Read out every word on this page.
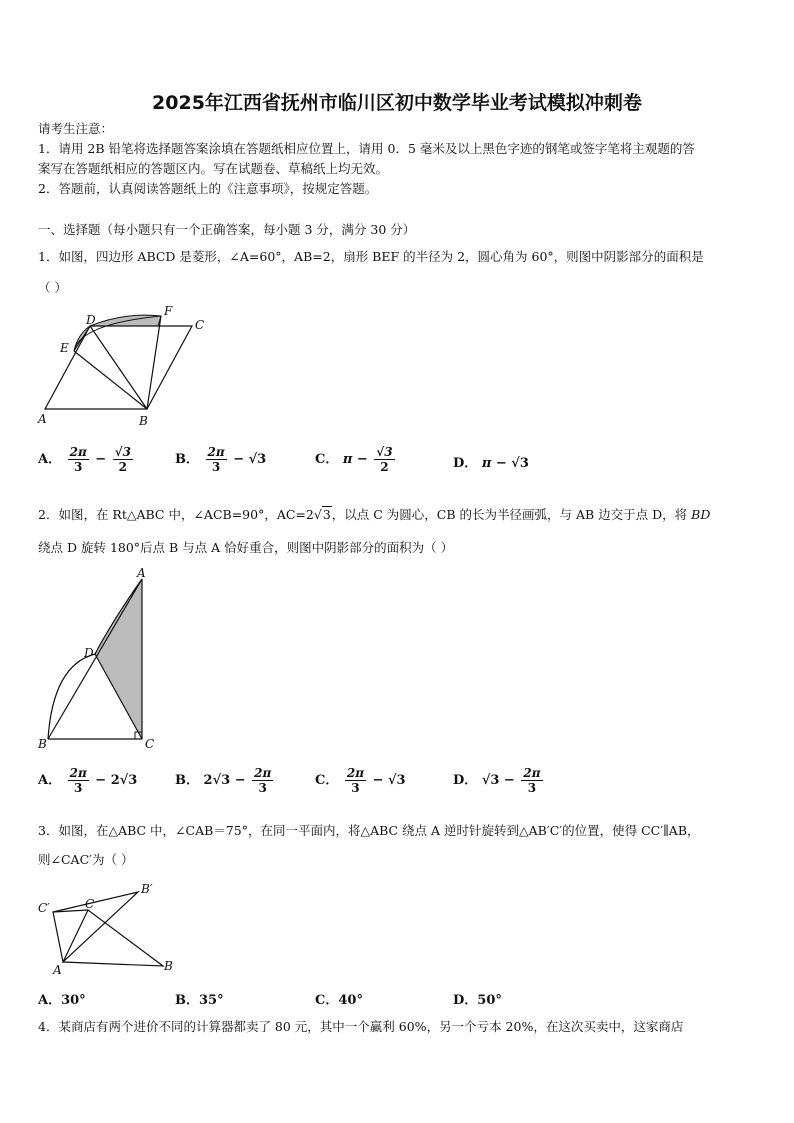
2025年江西省抚州市临川区初中数学毕业考试模拟冲刺卷
请考生注意：
1．请用 2B 铅笔将选择题答案涂填在答题纸相应位置上，请用 0．5 毫米及以上黑色字迹的钢笔或签字笔将主观题的答
案写在答题纸相应的答题区内。写在试题卷、草稿纸上均无效。
2．答题前，认真阅读答题纸上的《注意事项》，按规定答题。
一、选择题（每小题只有一个正确答案，每小题 3 分，满分 30 分）
1．如图，四边形 ABCD 是菱形，∠A=60°，AB=2，扇形 BEF 的半径为 2，圆心角为 60°，则图中阴影部分的面积是
（ ）
D
F
C
E
A	B
A． $\frac{2\pi}{3} - \frac{√3}{2}$	B． $\frac{2\pi}{3} - √3$	C． $\pi - \frac{√3}{2}$	D． π − √3
2．如图，在 Rt△ABC 中，∠ACB=90°，AC=2√3，以点 C 为圆心，CB 的长为半径画弧，与 AB 边交于点 D，将 BD
绕点 D 旋转 180°后点 B 与点 A 恰好重合，则图中阴影部分的面积为（ ）
A
D
B	C
A． $\frac{2\pi}{3} - 2√3$	B． $2√3 - \frac{2\pi}{3}$	C． $\frac{2\pi}{3} - √3$	D． $√3 - \frac{2\pi}{3}$
3．如图，在△ABC 中，∠CAB＝75°，在同一平面内，将△ABC 绕点 A 逆时针旋转到△AB′C′的位置，使得 CC′∥AB，
则∠CAC′为（ ）
B′
C′	C
A	B
A．30°	B．35°	C．40°	D．50°
4．某商店有两个进价不同的计算器都卖了 80 元，其中一个赢利 60%，另一个亏本 20%，在这次买卖中，这家商店
